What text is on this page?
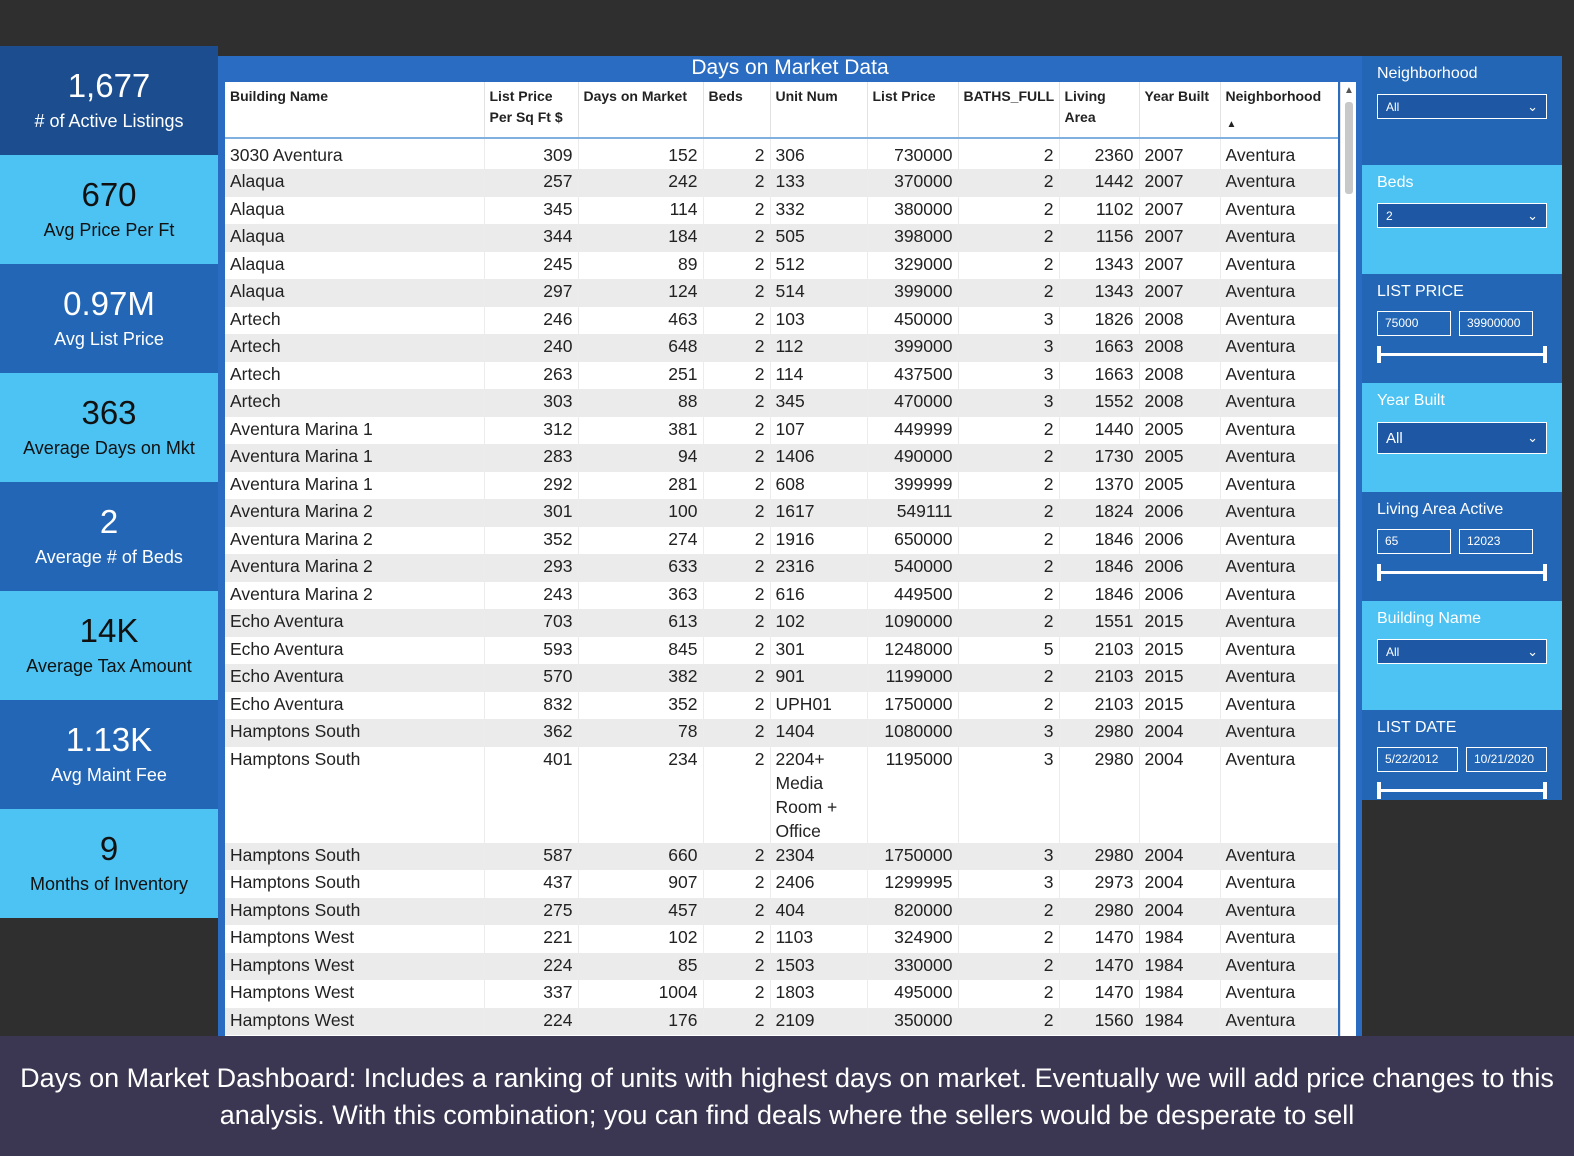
1,677
# of Active Listings
670
Avg Price Per Ft
0.97M
Avg List Price
363
Average Days on Mkt
2
Average # of Beds
14K
Average Tax Amount
1.13K
Avg Maint Fee
9
Months of Inventory
Days on Market Data
Building Name	List Price Per Sq Ft $	Days on Market	Beds	Unit Num	List Price	BATHS_FULL	Living Area	Year Built	Neighborhood
▲

3030 Aventura	309	152	2	306	730000	2	2360	2007	Aventura
Alaqua	257	242	2	133	370000	2	1442	2007	Aventura
Alaqua	345	114	2	332	380000	2	1102	2007	Aventura
Alaqua	344	184	2	505	398000	2	1156	2007	Aventura
Alaqua	245	89	2	512	329000	2	1343	2007	Aventura
Alaqua	297	124	2	514	399000	2	1343	2007	Aventura
Artech	246	463	2	103	450000	3	1826	2008	Aventura
Artech	240	648	2	112	399000	3	1663	2008	Aventura
Artech	263	251	2	114	437500	3	1663	2008	Aventura
Artech	303	88	2	345	470000	3	1552	2008	Aventura
Aventura Marina 1	312	381	2	107	449999	2	1440	2005	Aventura
Aventura Marina 1	283	94	2	1406	490000	2	1730	2005	Aventura
Aventura Marina 1	292	281	2	608	399999	2	1370	2005	Aventura
Aventura Marina 2	301	100	2	1617	549111	2	1824	2006	Aventura
Aventura Marina 2	352	274	2	1916	650000	2	1846	2006	Aventura
Aventura Marina 2	293	633	2	2316	540000	2	1846	2006	Aventura
Aventura Marina 2	243	363	2	616	449500	2	1846	2006	Aventura
Echo Aventura	703	613	2	102	1090000	2	1551	2015	Aventura
Echo Aventura	593	845	2	301	1248000	5	2103	2015	Aventura
Echo Aventura	570	382	2	901	1199000	2	2103	2015	Aventura
Echo Aventura	832	352	2	UPH01	1750000	2	2103	2015	Aventura
Hamptons South	362	78	2	1404	1080000	3	2980	2004	Aventura
Hamptons South	401	234	2	2204+ Media Room + Office	1195000	3	2980	2004	Aventura
Hamptons South	587	660	2	2304	1750000	3	2980	2004	Aventura
Hamptons South	437	907	2	2406	1299995	3	2973	2004	Aventura
Hamptons South	275	457	2	404	820000	2	2980	2004	Aventura
Hamptons West	221	102	2	1103	324900	2	1470	1984	Aventura
Hamptons West	224	85	2	1503	330000	2	1470	1984	Aventura
Hamptons West	337	1004	2	1803	495000	2	1470	1984	Aventura
Hamptons West	224	176	2	2109	350000	2	1560	1984	Aventura
▲
Neighborhood
All	⌄
Beds
2	⌄
LIST PRICE
75000	39900000
Year Built
All	⌄
Living Area Active
65	12023
Building Name
All	⌄
LIST DATE
5/22/2012	10/21/2020
Days on Market Dashboard: Includes a ranking of units with highest days on market. Eventually we will add price changes to this analysis. With this combination; you can find deals where the sellers would be desperate to sell
